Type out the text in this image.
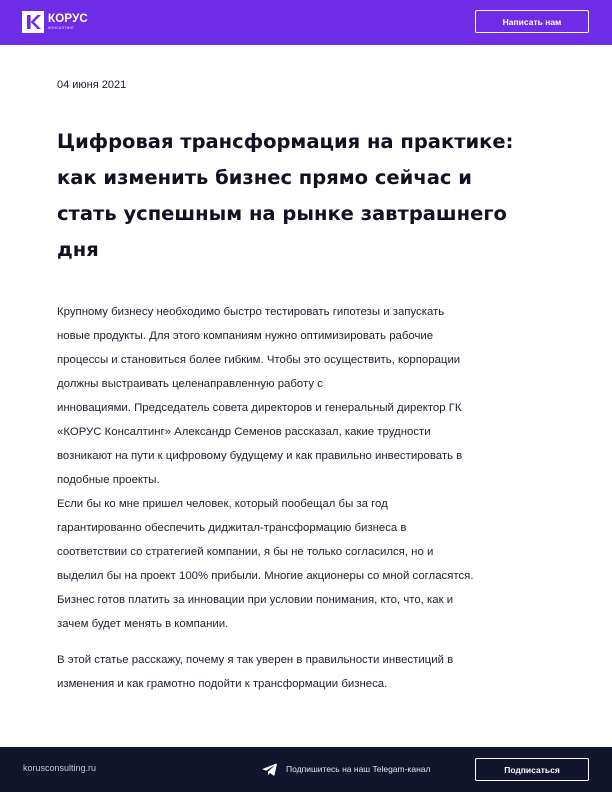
КОРУС
КОНСАЛТИНГ
Написать нам
04 июня 2021
Цифровая трансформация на практике:
как изменить бизнес прямо сейчас и
стать успешным на рынке завтрашнего
дня

Крупному бизнесу необходимо быстро тестировать гипотезы и запускать
новые продукты. Для этого компаниям нужно оптимизировать рабочие
процессы и становиться более гибким. Чтобы это осуществить, корпорации
должны выстраивать целенаправленную работу с
инновациями. Председатель совета директоров и генеральный директор ГК
«КОРУС Консалтинг» Александр Семенов рассказал, какие трудности
возникают на пути к цифровому будущему и как правильно инвестировать в
подобные проекты.

Если бы ко мне пришел человек, который пообещал бы за год
гарантированно обеспечить диджитал-трансформацию бизнеса в
соответствии со стратегией компании, я бы не только согласился, но и
выделил бы на проект 100% прибыли. Многие акционеры со мной согласятся.
Бизнес готов платить за инновации при условии понимания, кто, что, как и
зачем будет менять в компании.

В этой статье расскажу, почему я так уверен в правильности инвестиций в
изменения и как грамотно подойти к трансформации бизнеса.

korusconsulting.ru	Подпишитесь на наш Telegam-канал	Подписаться
